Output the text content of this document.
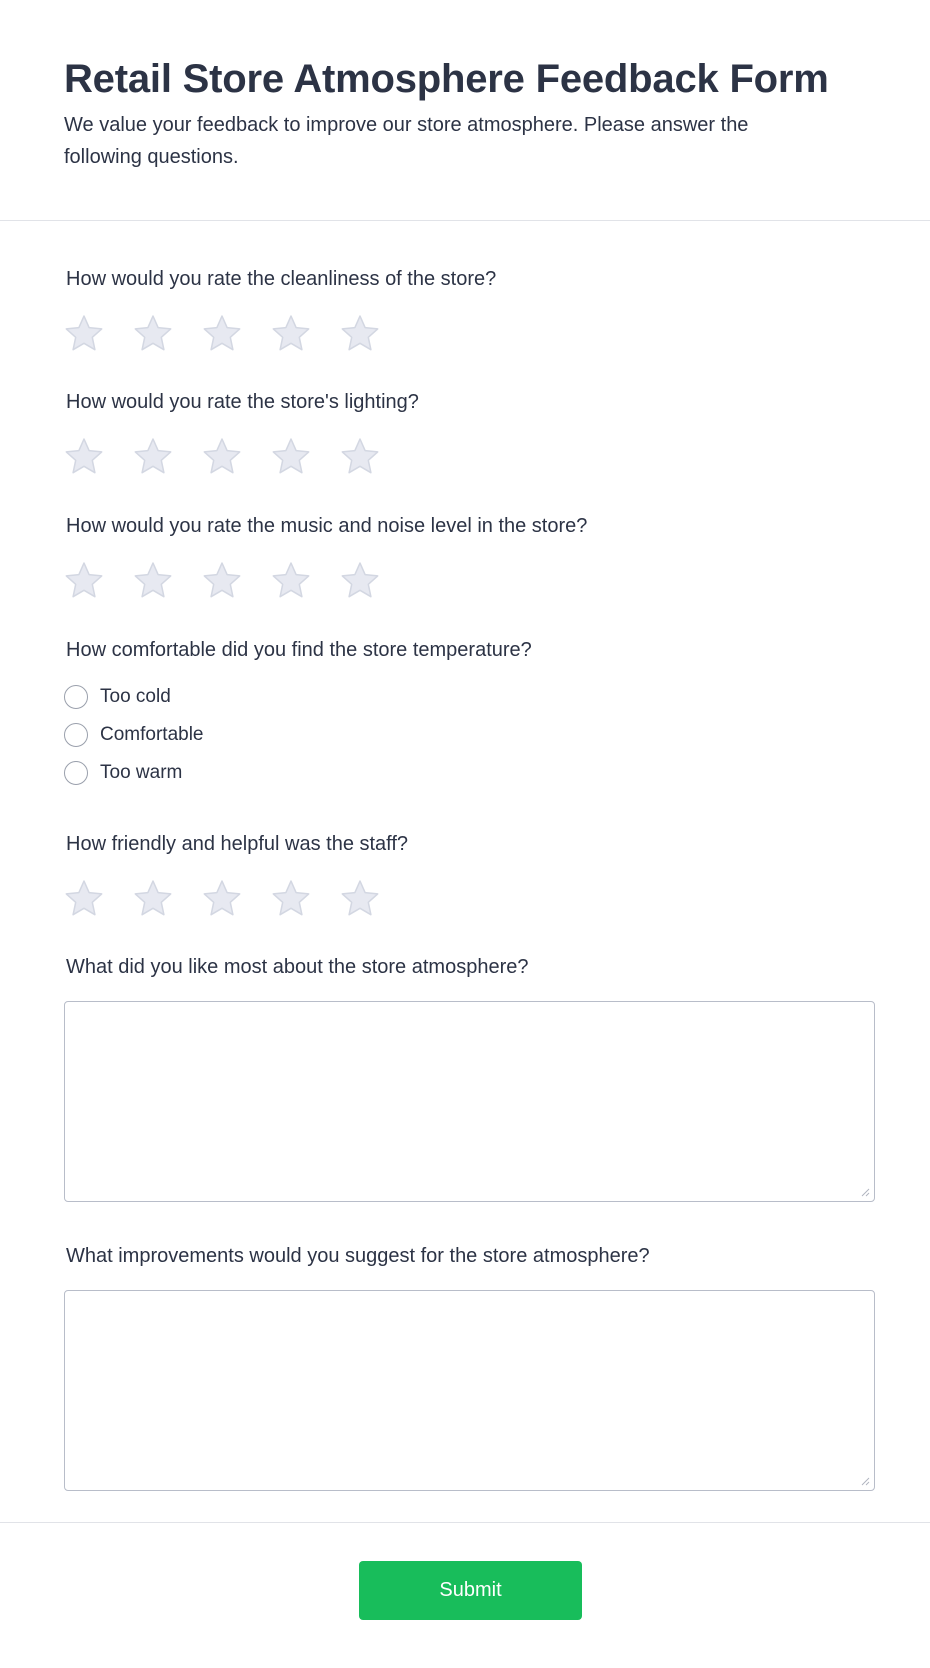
Retail Store Atmosphere Feedback Form

We value your feedback to improve our store atmosphere. Please answer the following questions.

How would you rate the cleanliness of the store?
How would you rate the store's lighting?
How would you rate the music and noise level in the store?
How comfortable did you find the store temperature?
Too cold
Comfortable
Too warm
How friendly and helpful was the staff?
What did you like most about the store atmosphere?
What improvements would you suggest for the store atmosphere?
Submit
